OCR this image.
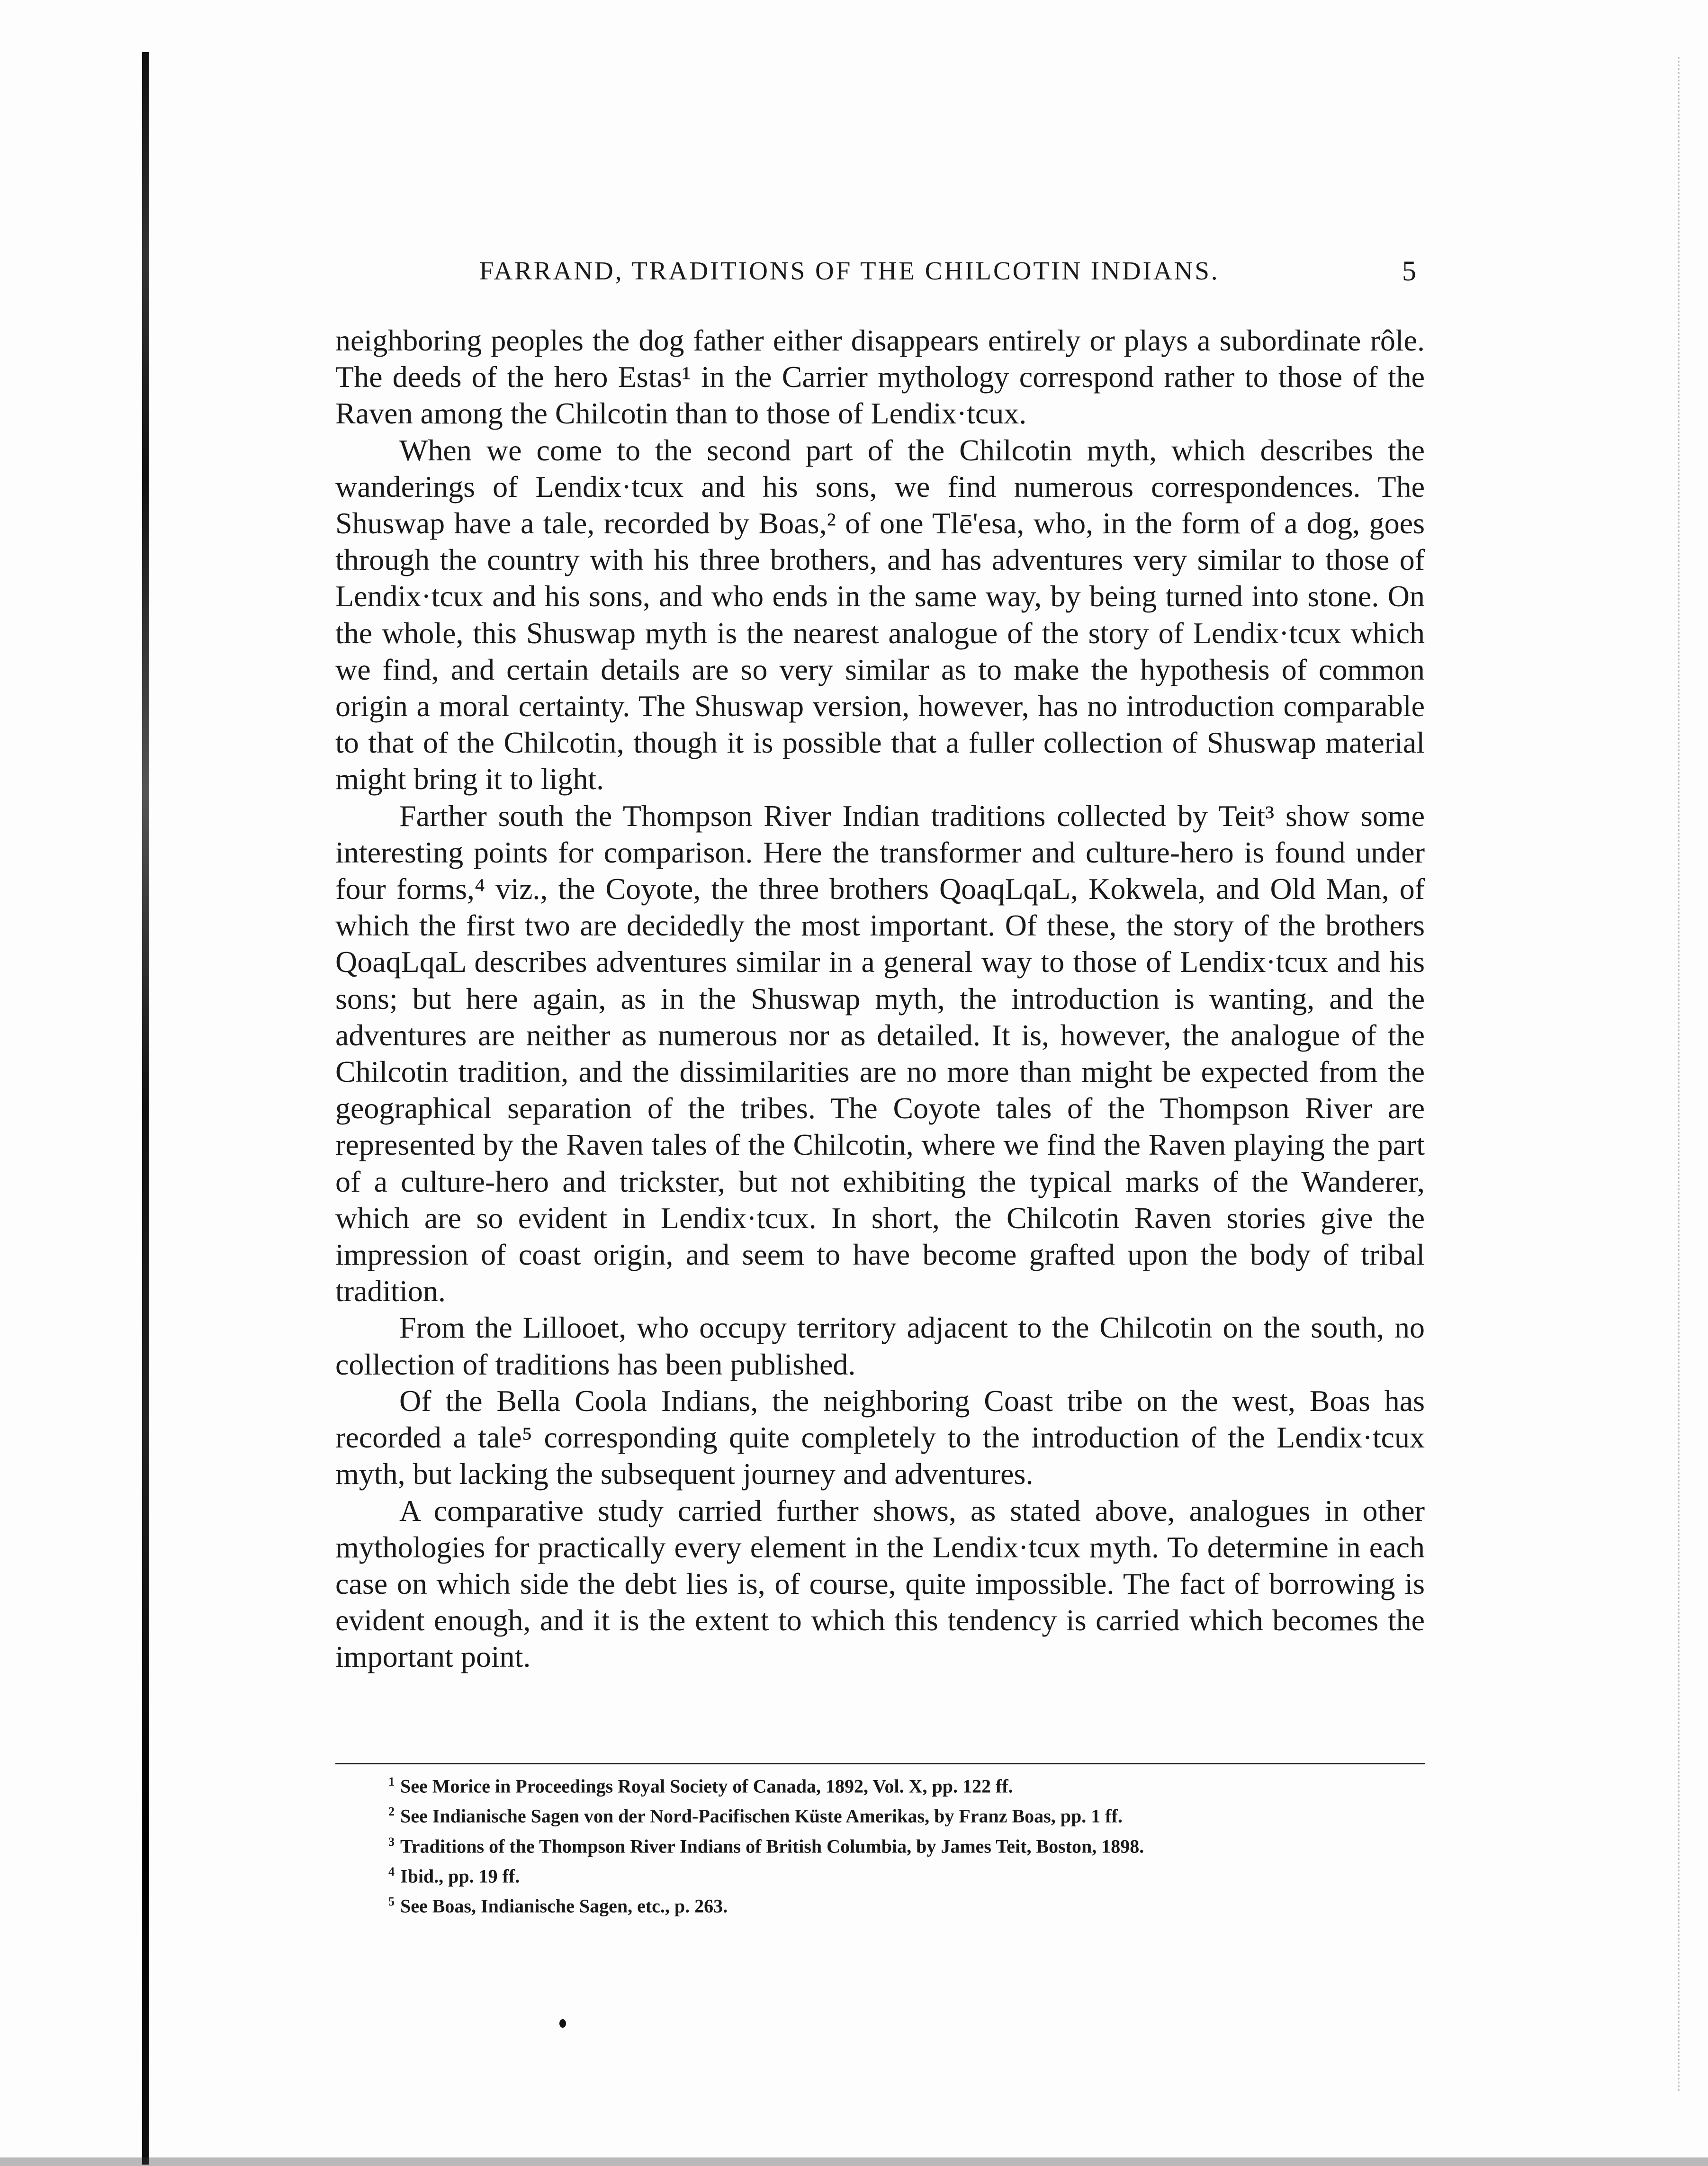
FARRAND, TRADITIONS OF THE CHILCOTIN INDIANS.	5

neighboring peoples the dog father either disappears entirely or plays a subordinate rôle. The deeds of the hero Estas¹ in the Carrier mythology correspond rather to those of the Raven among the Chilcotin than to those of Lendix·tcux.

When we come to the second part of the Chilcotin myth, which describes the wanderings of Lendix·tcux and his sons, we find numerous correspondences. The Shuswap have a tale, recorded by Boas,² of one Tlē'esa, who, in the form of a dog, goes through the country with his three brothers, and has adventures very similar to those of Lendix·tcux and his sons, and who ends in the same way, by being turned into stone. On the whole, this Shuswap myth is the nearest analogue of the story of Lendix·tcux which we find, and certain details are so very similar as to make the hypothesis of common origin a moral certainty. The Shuswap version, however, has no introduction comparable to that of the Chilcotin, though it is possible that a fuller collection of Shuswap material might bring it to light.

Farther south the Thompson River Indian traditions collected by Teit³ show some interesting points for comparison. Here the transformer and culture-hero is found under four forms,⁴ viz., the Coyote, the three brothers QoaqLqaL, Kokwela, and Old Man, of which the first two are decidedly the most important. Of these, the story of the brothers QoaqLqaL describes adventures similar in a general way to those of Lendix·tcux and his sons; but here again, as in the Shuswap myth, the introduction is wanting, and the adventures are neither as numerous nor as detailed. It is, however, the analogue of the Chilcotin tradition, and the dissimilarities are no more than might be expected from the geographical separation of the tribes. The Coyote tales of the Thompson River are represented by the Raven tales of the Chilcotin, where we find the Raven playing the part of a culture-hero and trickster, but not exhibiting the typical marks of the Wanderer, which are so evident in Lendix·tcux. In short, the Chilcotin Raven stories give the impression of coast origin, and seem to have become grafted upon the body of tribal tradition.

From the Lillooet, who occupy territory adjacent to the Chilcotin on the south, no collection of traditions has been published.

Of the Bella Coola Indians, the neighboring Coast tribe on the west, Boas has recorded a tale⁵ corresponding quite completely to the introduction of the Lendix·tcux myth, but lacking the subsequent journey and adventures.

A comparative study carried further shows, as stated above, analogues in other mythologies for practically every element in the Lendix·tcux myth. To determine in each case on which side the debt lies is, of course, quite impossible. The fact of borrowing is evident enough, and it is the extent to which this tendency is carried which becomes the important point.

$^1$ See Morice in Proceedings Royal Society of Canada, 1892, Vol. X, pp. 122 ff.
$^2$ See Indianische Sagen von der Nord-Pacifischen Küste Amerikas, by Franz Boas, pp. 1 ff.
$^3$ Traditions of the Thompson River Indians of British Columbia, by James Teit, Boston, 1898.
$^4$ Ibid., pp. 19 ff.
$^5$ See Boas, Indianische Sagen, etc., p. 263.
